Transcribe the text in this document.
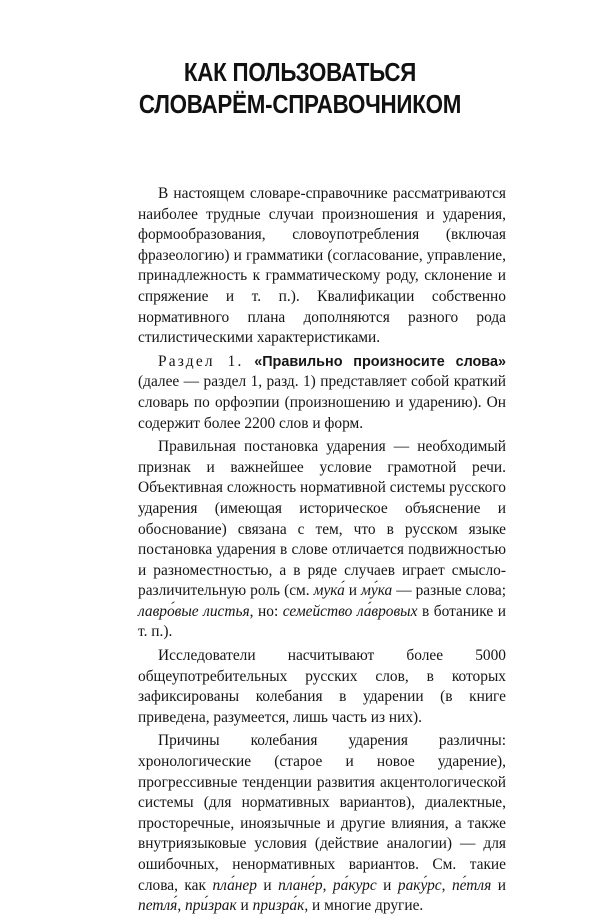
КАК ПОЛЬЗОВАТЬСЯ
СЛОВАРЁМ-СПРАВОЧНИКОМ

В настоящем словаре-справочнике рассматриваются наиболее трудные случаи произношения и ударения, формообразования, словоупотребления (включая фразеологию) и грамматики (согласование, управление, принадлежность к грамматическому роду, склонение и спряжение и т. п.). Квалификации собственно нормативного плана дополняются разного рода стилистическими характеристиками.

Раздел 1. «Правильно произносите слова» (далее — раздел 1, разд. 1) представляет собой краткий словарь по орфоэпии (произношению и ударению). Он содержит более 2200 слов и форм.

Правильная постановка ударения — необходимый признак и важнейшее условие грамотной речи. Объективная сложность нормативной системы русского ударения (имеющая историческое объяснение и обоснование) связана с тем, что в русском языке постановка ударения в слове отличается подвижностью и разноместностью, а в ряде случаев играет смысло-различительную роль (см. мука́ и му́ка — разные слова; лавро́вые листья, но: семейство ла́вровых в ботанике и т. п.).

Исследователи насчитывают более 5000 общеупотребительных русских слов, в которых зафиксированы колебания в ударении (в книге приведена, разумеется, лишь часть из них).

Причины колебания ударения различны: хронологические (старое и новое ударение), прогрессивные тенденции развития акцентологической системы (для нормативных вариантов), диалектные, просторечные, иноязычные и другие влияния, а также внутриязыковые условия (действие аналогии) — для ошибочных, ненормативных вариантов. См. такие слова, как пла́нер и плане́р, ра́курс и раку́рс, пе́тля и петля́, при́зрак и призра́к, и многие другие.
